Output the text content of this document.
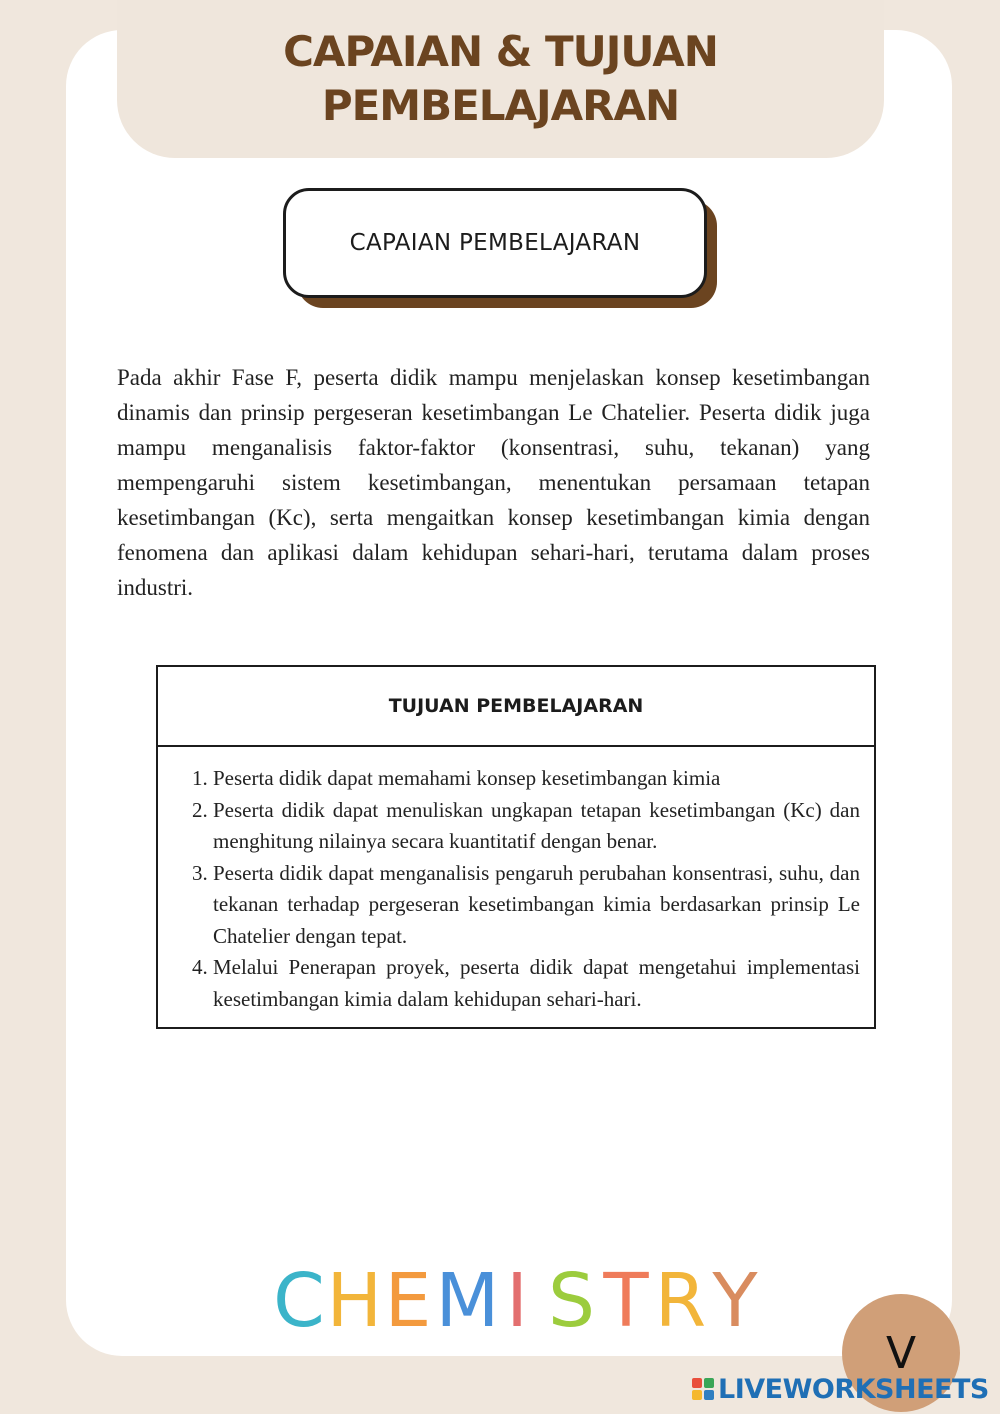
CAPAIAN & TUJUAN
PEMBELAJARAN
CAPAIAN PEMBELAJARAN
Pada akhir Fase F, peserta didik mampu menjelaskan konsep kesetimbangan dinamis dan prinsip pergeseran kesetimbangan Le Chatelier. Peserta didik juga mampu menganalisis faktor-faktor (konsentrasi, suhu, tekanan) yang mempengaruhi sistem kesetimbangan, menentukan persamaan tetapan kesetimbangan (Kc), serta mengaitkan konsep kesetimbangan kimia dengan fenomena dan aplikasi dalam kehidupan sehari-hari, terutama dalam proses industri.
TUJUAN PEMBELAJARAN
1. Peserta didik dapat memahami konsep kesetimbangan kimia
2. Peserta didik dapat menuliskan ungkapan tetapan kesetimbangan (Kc) dan menghitung nilainya secara kuantitatif dengan benar.
3. Peserta didik dapat menganalisis pengaruh perubahan konsentrasi, suhu, dan tekanan terhadap pergeseran kesetimbangan kimia berdasarkan prinsip Le Chatelier dengan tepat.
4. Melalui Penerapan proyek, peserta didik dapat mengetahui implementasi kesetimbangan kimia dalam kehidupan sehari-hari.
C H E M I S T R Y
V
LIVEWORKSHEETS
